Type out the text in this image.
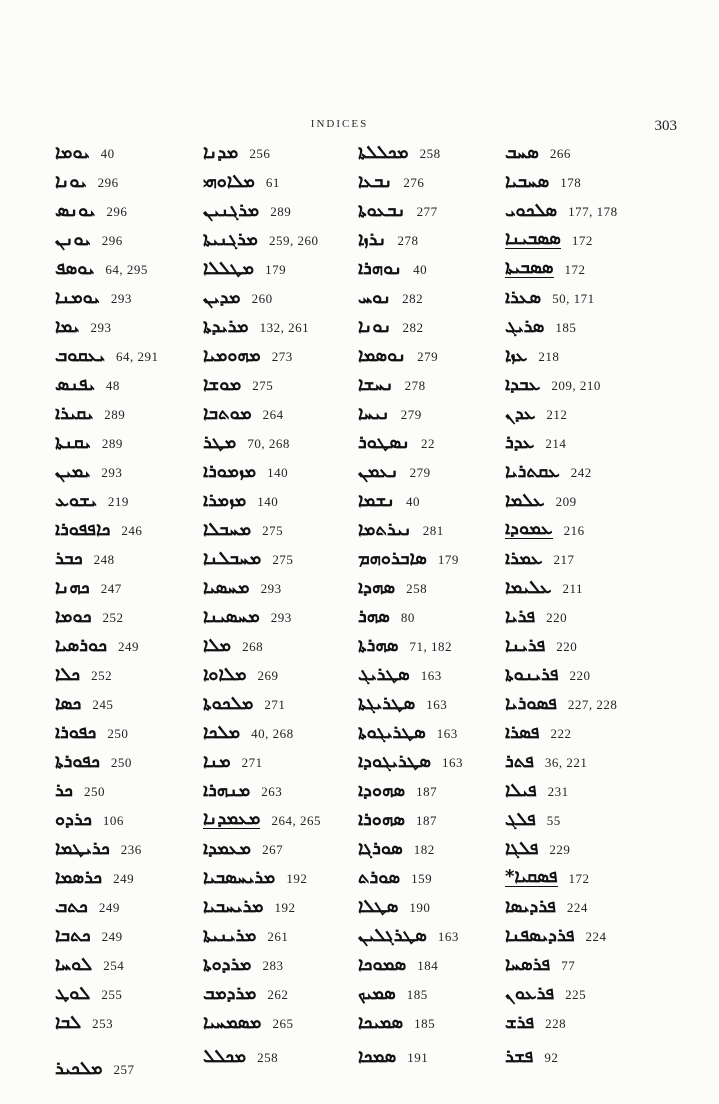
INDICES	303
ܝܘܡܐ 40
ܝܘܢܐ 296
ܝܘܢܣ 296
ܝܘܢܢ 296
ܝܘܣܦ 64, 295
ܝܘܡܢܐ 293
ܝܡܐ 293
ܝܥܩܘܒ 64, 291
ܝܦܢܣ 48
ܝܩܝܪܐ 289
ܝܩܢܬܐ 289
ܝܡܝܢ 293
ܝܫܘܥ 219
ܟܐܦܦܘܪܐ 246
ܟܒܪ 248
ܟܗܢܐ 247
ܟܘܡܐ 252
ܟܘܪܣܝܐ 249
ܟܠܐ 252
ܟܣܐ 245
ܟܦܘܪܐ 250
ܟܦܘܪܬܐ 250
ܟܪ 250
ܟܪܕܘ 106
ܟܪܝܛܡܐ 236
ܟܪܣܡܐ 249
ܟܬܒ 249
ܟܬܒܐ 249
ܠܘܚܐ 254
ܠܘܛ 255
ܠܒܐ 253
ܡܠܟܝܪ 257
ܡܕܢܐ 256
ܡܠܐܘܗܝ 61
ܡܪܓܢܝܢ 289
ܡܪܓܢܝܬܐ 259, 260
ܡܛܠܠܐ 179
ܡܕܝܢ 260
ܡܪܝܕܬܐ 132, 261
ܡܗܘܡܝܐ 273
ܡܘܫܐ 275
ܡܘܬܒܐ 264
ܡܛܪ 70, 268
ܡܙܡܘܪܐ 140
ܡܙܡܪܐ 140
ܡܚܒܠܐ 275
ܡܚܒܠܢܐ 275
ܡܚܣܝܐ 293
ܡܚܣܝܢܐ 293
ܡܠܐ 268
ܡܠܐܘܐ 269
ܡܠܟܘܬܐ 271
ܡܠܟܐ 40, 268
ܡܢܐ 271
ܡܢܗܪܐ 263
ܡܥܡܕܢܐ 264, 265
ܡܥܡܕܐ 267
ܡܪܝܚܣܒܝܐ 192
ܡܪܝܚܒܝܐ 192
ܡܪܝܢܝܬܐ 261
ܡܪܕܘܬܐ 283
ܡܪܕܡܒ 262
ܡܣܡܚܝܐ 265
ܡܟܠܠ 258
ܡܟܠܠܬܐ 258
ܢܒܥܐ 276
ܢܒܥܘܬܐ 277
ܢܪܙܐ 278
ܢܘܗܪܐ 40
ܢܘܚ 282
ܢܘܢܐ 282
ܢܘܣܡܐ 279
ܢܚܫܐ 278
ܢܝܚܐ 279
ܢܣܛܘܪ 22
ܢܥܡܢ 279
ܢܫܡܐ 40
ܢܝܪܬܡܐ 281
ܣܐܒܪܘܗܡ 179
ܣܗܕܐ 258
ܣܗܪ 80
ܣܗܪܬܐ 71, 182
ܣܛܪܝܓ 163
ܣܛܪܝܓܬܐ 163
ܣܛܪܝܓܘܬܐ 163
ܣܛܪܝܓܘܕܐ 163
ܣܗܘܕܐ 187
ܣܗܘܪܐ 187
ܣܘܪܓܐ 182
ܣܘܪܬ 159
ܣܛܠܐ 190
ܣܛܪܓܠܝܢ 163
ܣܡܘܟܐ 184
ܣܡܝܟ 185
ܣܡܝܟܐ 185
ܣܡܟܐ 191
ܣܚܒ 266
ܣܚܒܝܐ 178
ܣܠܟܘܝ 177, 178
ܣܣܒܝܢܐ 172
ܣܣܒܝܬܐ 172
ܣܥܪܐ 50, 171
ܣܪܝܓ 185
ܥܙܐ 218
ܥܒܕܐ 209, 210
ܥܕܢ 212
ܥܕܪ 214
ܥܩܬܪܝܐ 242
ܥܠܡܐ 209
ܥܡܘܕܐ 216
ܥܡܪܐ 217
ܥܠܝܡܐ 211
ܦܪܝܐ 220
ܦܪܝܢܐ 220
ܦܪܝܢܘܬܐ 220
ܦܣܘܪܝܐ 227, 228
ܦܣܪܐ 222
ܦܬܪ 36, 221
ܦܝܠܐ 231
ܦܠܓ 55
ܦܠܓܐ 229
ܦܣܩܝܐ* 172
ܦܪܕܝܣܐ 224
ܦܪܕܝܣܦܢܐ 224
ܦܪܣܚܐ 77
ܦܪܥܘܢ 225
ܦܪܫ 228
ܦܫܪ 92
